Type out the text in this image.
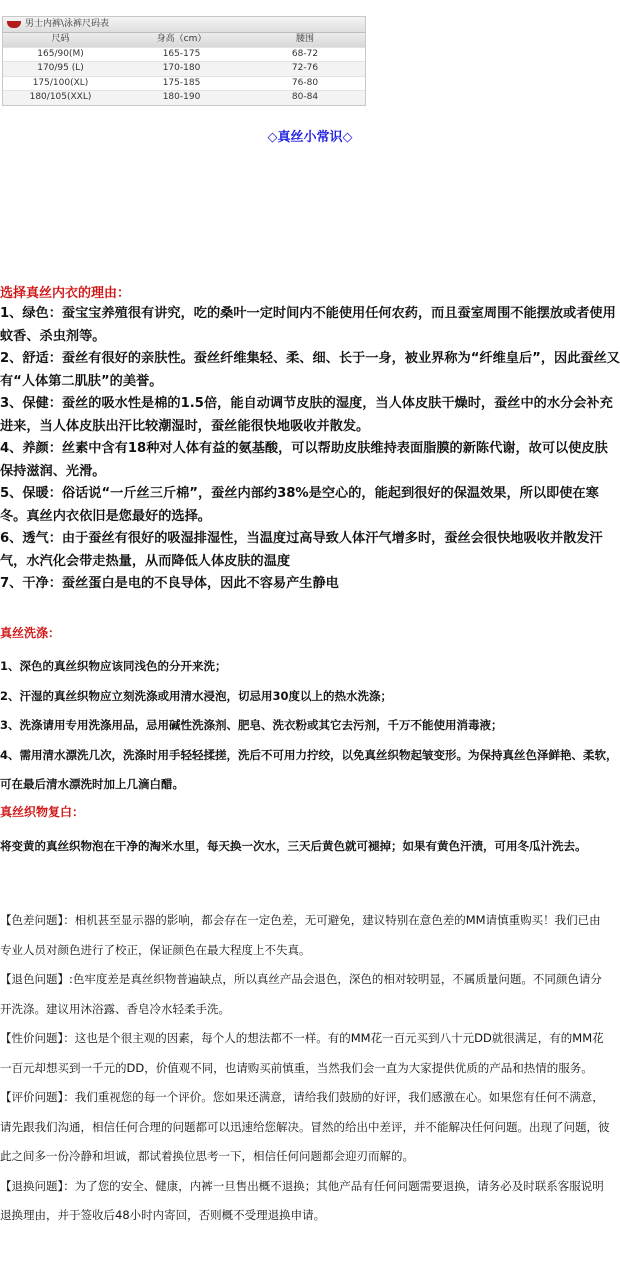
男士内裤\泳裤尺码表
尺码	身高（cm）	腰围
165/90(M)	165-175	68-72
170/95 (L)	170-180	72-76
175/100(XL)	175-185	76-80
180/105(XXL)	180-190	80-84
◇真丝小常识◇
选择真丝内衣的理由：

1、绿色：蚕宝宝养殖很有讲究，吃的桑叶一定时间内不能使用任何农药，而且蚕室周围不能摆放或者使用蚊香、杀虫剂等。

2、舒适：蚕丝有很好的亲肤性。蚕丝纤维集轻、柔、细、长于一身，被业界称为“纤维皇后”，因此蚕丝又有“人体第二肌肤”的美誉。

3、保健：蚕丝的吸水性是棉的1.5倍，能自动调节皮肤的湿度，当人体皮肤干燥时，蚕丝中的水分会补充进来，当人体皮肤出汗比较潮湿时，蚕丝能很快地吸收并散发。

4、养颜：丝素中含有18种对人体有益的氨基酸，可以帮助皮肤维持表面脂膜的新陈代谢，故可以使皮肤保持滋润、光滑。

5、保暖：俗话说“一斤丝三斤棉”，蚕丝内部约38%是空心的，能起到很好的保温效果，所以即使在寒冬。真丝内衣依旧是您最好的选择。

6、透气：由于蚕丝有很好的吸湿排湿性，当温度过高导致人体汗气增多时，蚕丝会很快地吸收并散发汗气，水汽化会带走热量，从而降低人体皮肤的温度

7、干净：蚕丝蛋白是电的不良导体，因此不容易产生静电

真丝洗涤：

1、深色的真丝织物应该同浅色的分开来洗；

2、汗湿的真丝织物应立刻洗涤或用清水浸泡，切忌用30度以上的热水洗涤；

3、洗涤请用专用洗涤用品，忌用碱性洗涤剂、肥皂、洗衣粉或其它去污剂，千万不能使用消毒液；

4、需用清水漂洗几次，洗涤时用手轻轻揉搓，洗后不可用力拧绞，以免真丝织物起皱变形。为保持真丝色泽鲜艳、柔软，可在最后清水漂洗时加上几滴白醋。

真丝织物复白：

将变黄的真丝织物泡在干净的淘米水里，每天换一次水，三天后黄色就可褪掉；如果有黄色汗渍，可用冬瓜汁洗去。

【色差问题】：相机甚至显示器的影响，都会存在一定色差，无可避免，建议特别在意色差的MM请慎重购买！我们已由专业人员对颜色进行了校正，保证颜色在最大程度上不失真。

【退色问题】:色牢度差是真丝织物普遍缺点，所以真丝产品会退色，深色的相对较明显，不属质量问题。不同颜色请分开洗涤。建议用沐浴露、香皂冷水轻柔手洗。

【性价问题】：这也是个很主观的因素，每个人的想法都不一样。有的MM花一百元买到八十元DD就很满足，有的MM花一百元却想买到一千元的DD，价值观不同，也请购买前慎重，当然我们会一直为大家提供优质的产品和热情的服务。

【评价问题】：我们重视您的每一个评价。您如果还满意，请给我们鼓励的好评，我们感激在心。如果您有任何不满意，请先跟我们沟通，相信任何合理的问题都可以迅速给您解决。冒然的给出中差评，并不能解决任何问题。出现了问题，彼此之间多一份冷静和坦诚，都试着换位思考一下，相信任何问题都会迎刃而解的。

【退换问题】：为了您的安全、健康，内裤一旦售出概不退换；其他产品有任何问题需要退换，请务必及时联系客服说明退换理由，并于签收后48小时内寄回，否则概不受理退换申请。
